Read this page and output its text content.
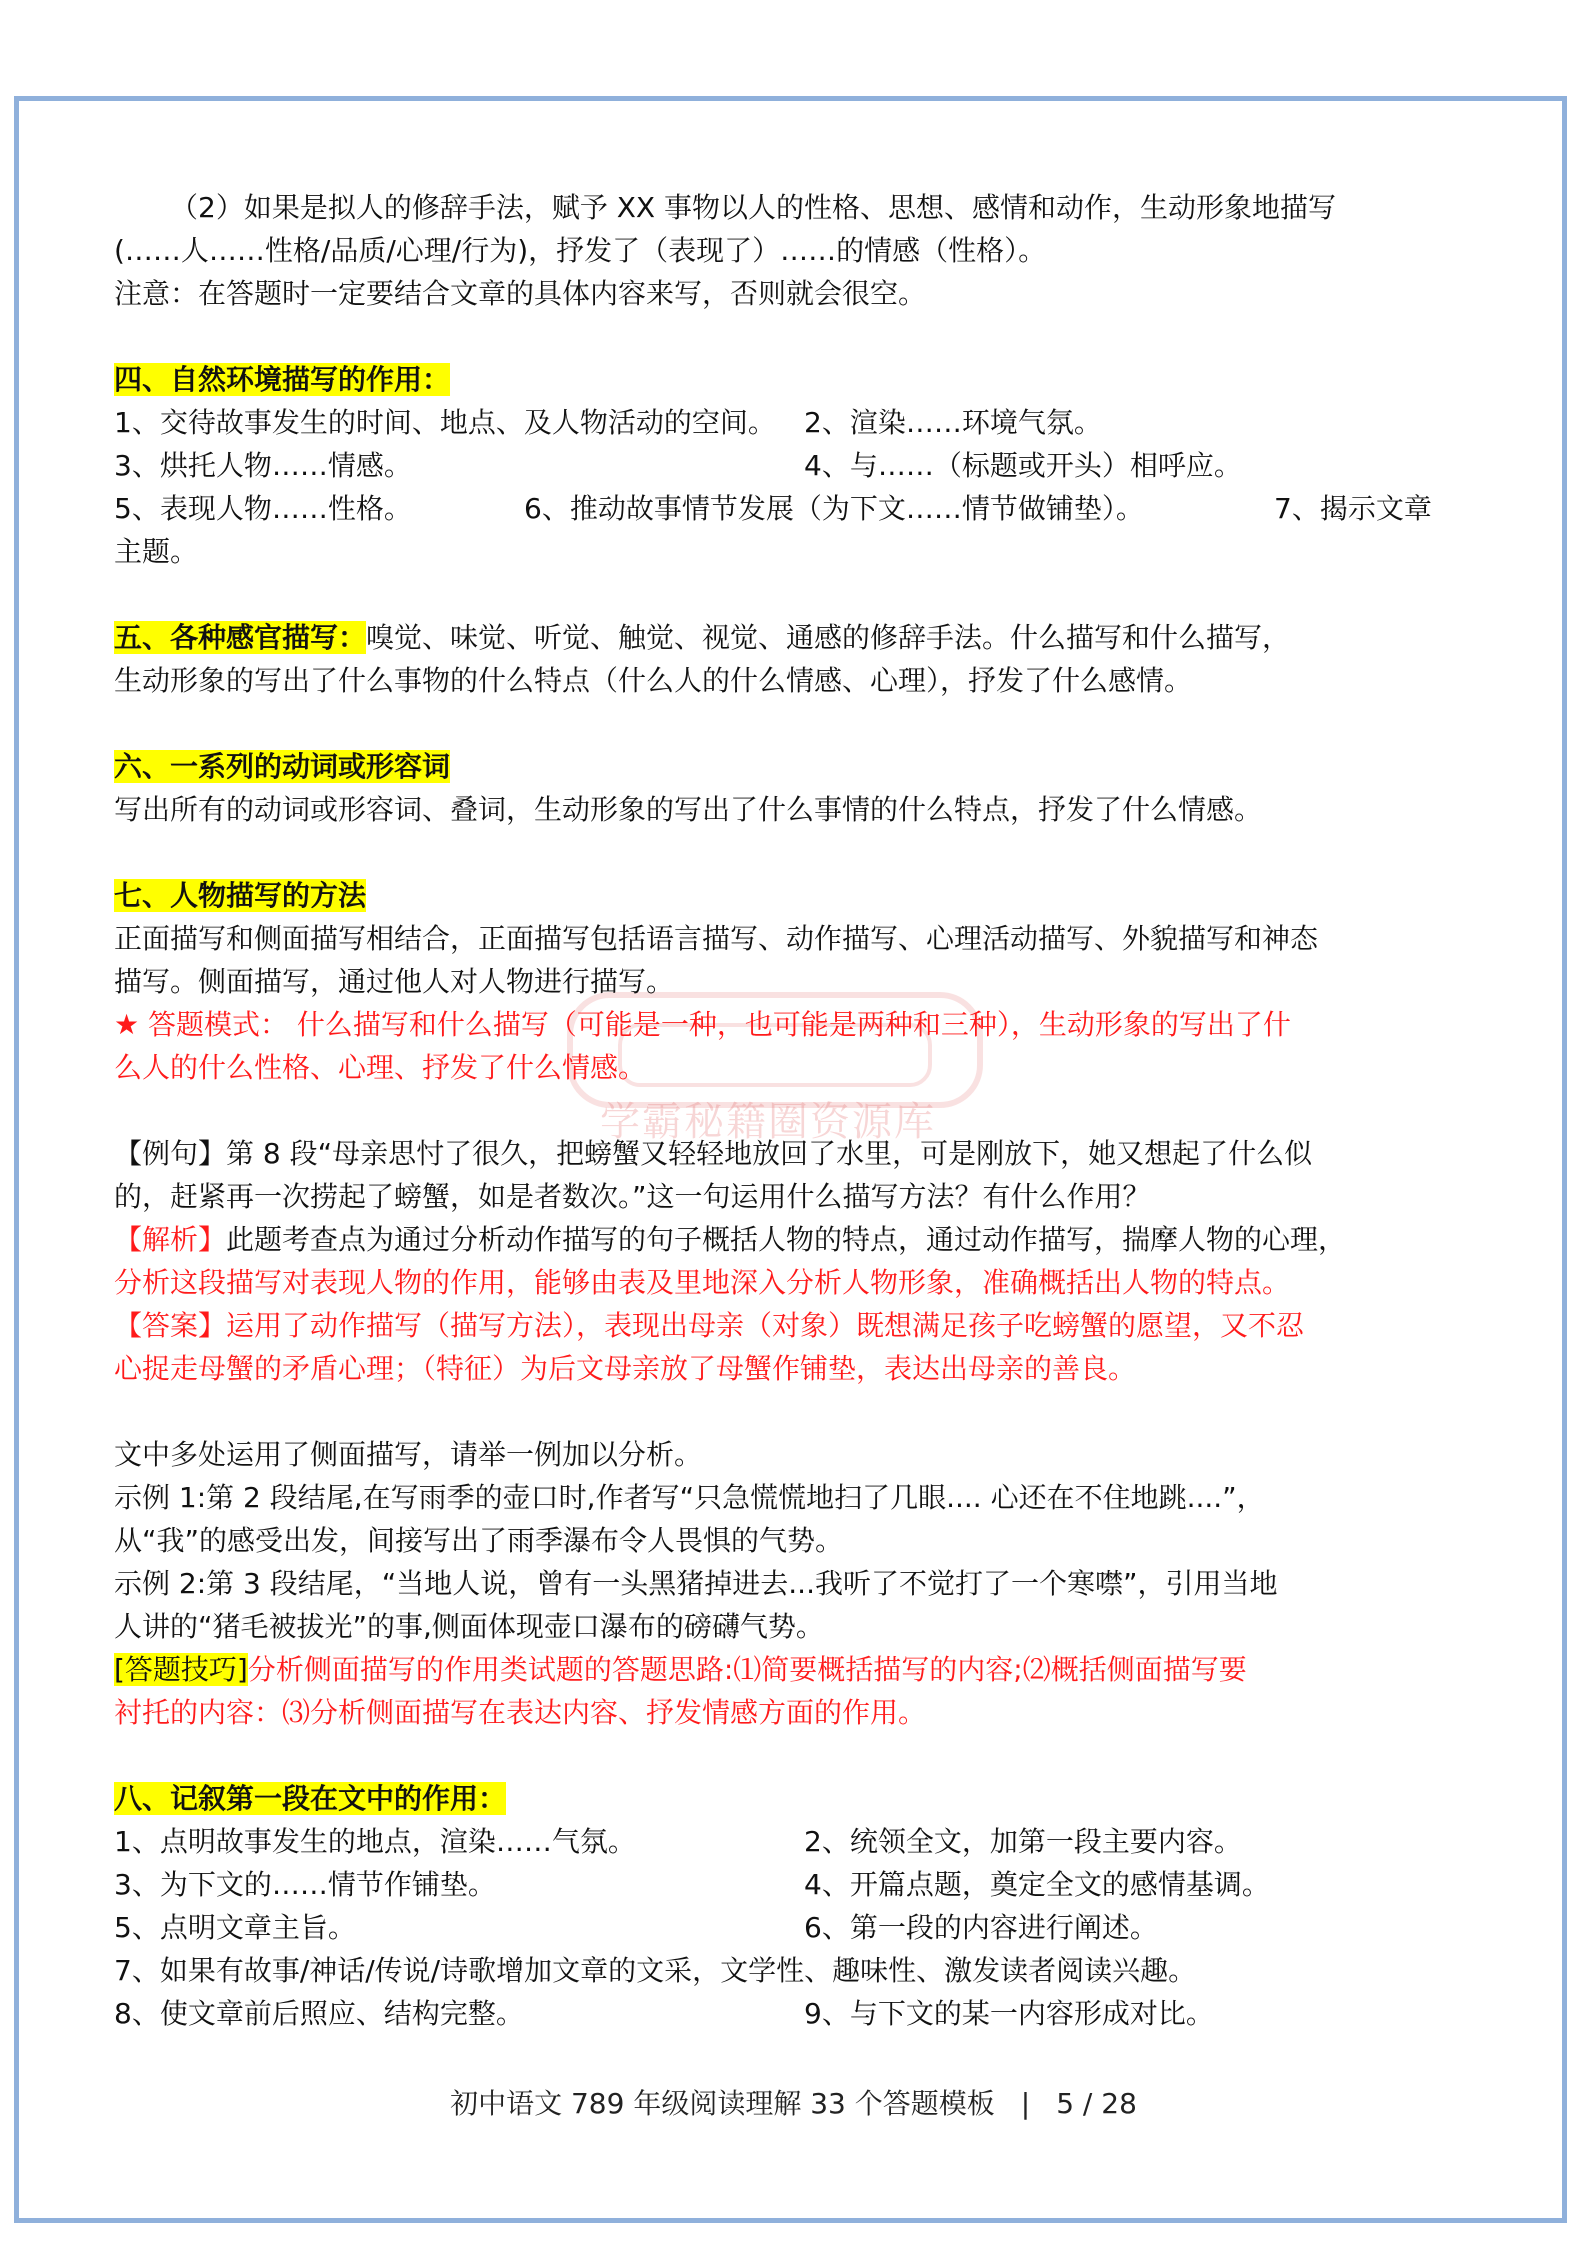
学霸秘籍圈资源库

（2）如果是拟人的修辞手法，赋予 XX 事物以人的性格、思想、感情和动作，生动形象地描写

(……人……性格/品质/心理/行为)，抒发了（表现了）……的情感（性格）。

注意：在答题时一定要结合文章的具体内容来写，否则就会很空。

四、自然环境描写的作用：

1、交待故事发生的时间、地点、及人物活动的空间。	2、渲染……环境气氛。
3、烘托人物……情感。	4、与……（标题或开头）相呼应。
5、表现人物……性格。	6、推动故事情节发展（为下文……情节做铺垫）。	7、揭示文章

主题。

五、各种感官描写：嗅觉、味觉、听觉、触觉、视觉、通感的修辞手法。什么描写和什么描写，

生动形象的写出了什么事物的什么特点（什么人的什么情感、心理），抒发了什么感情。

六、一系列的动词或形容词

写出所有的动词或形容词、叠词，生动形象的写出了什么事情的什么特点，抒发了什么情感。

七、人物描写的方法

正面描写和侧面描写相结合，正面描写包括语言描写、动作描写、心理活动描写、外貌描写和神态

描写。侧面描写，通过他人对人物进行描写。

★ 答题模式： 什么描写和什么描写（可能是一种，也可能是两种和三种），生动形象的写出了什

么人的什么性格、心理、抒发了什么情感。

【例句】第 8 段“母亲思忖了很久，把螃蟹又轻轻地放回了水里，可是刚放下，她又想起了什么似

的，赶紧再一次捞起了螃蟹，如是者数次。”这一句运用什么描写方法？有什么作用？

【解析】此题考查点为通过分析动作描写的句子概括人物的特点，通过动作描写，揣摩人物的心理，

分析这段描写对表现人物的作用，能够由表及里地深入分析人物形象，准确概括出人物的特点。

【答案】运用了动作描写（描写方法），表现出母亲（对象）既想满足孩子吃螃蟹的愿望，又不忍

心捉走母蟹的矛盾心理；（特征）为后文母亲放了母蟹作铺垫，表达出母亲的善良。

文中多处运用了侧面描写，请举一例加以分析。

示例 1:第 2 段结尾,在写雨季的壶口时,作者写“只急慌慌地扫了几眼.... 心还在不住地跳....”，

从“我”的感受出发，间接写出了雨季瀑布令人畏惧的气势。

示例 2:第 3 段结尾，“当地人说，曾有一头黑猪掉进去...我听了不觉打了一个寒噤”，引用当地

人讲的“猪毛被拔光”的事,侧面体现壶口瀑布的磅礴气势。

[答题技巧]分析侧面描写的作用类试题的答题思路:⑴简要概括描写的内容;⑵概括侧面描写要

衬托的内容：⑶分析侧面描写在表达内容、抒发情感方面的作用。

八、记叙第一段在文中的作用：

1、点明故事发生的地点，渲染……气氛。	2、统领全文，加第一段主要内容。
3、为下文的……情节作铺垫。	4、开篇点题，奠定全文的感情基调。
5、点明文章主旨。	6、第一段的内容进行阐述。

7、如果有故事/神话/传说/诗歌增加文章的文采，文学性、趣味性、激发读者阅读兴趣。

8、使文章前后照应、结构完整。	9、与下文的某一内容形成对比。
初中语文 789 年级阅读理解 33 个答题模板 | 5 / 28
